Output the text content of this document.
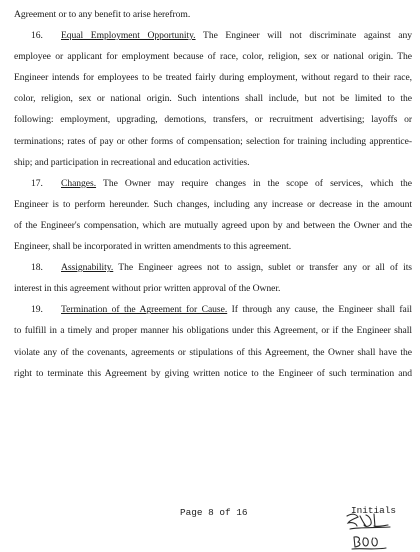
Agreement or to any benefit to arise herefrom.
16. Equal Employment Opportunity. The Engineer will not discriminate against any
employee or applicant for employment because of race, color, religion, sex or national origin. The
Engineer intends for employees to be treated fairly during employment, without regard to their race,
color, religion, sex or national origin. Such intentions shall include, but not be limited to the
following: employment, upgrading, demotions, transfers, or recruitment advertising; layoffs or
terminations; rates of pay or other forms of compensation; selection for training including apprentice-
ship; and participation in recreational and education activities.
17. Changes. The Owner may require changes in the scope of services, which the
Engineer is to perform hereunder. Such changes, including any increase or decrease in the amount
of the Engineer's compensation, which are mutually agreed upon by and between the Owner and the
Engineer, shall be incorporated in written amendments to this agreement.
18. Assignability. The Engineer agrees not to assign, sublet or transfer any or all of its
interest in this agreement without prior written approval of the Owner.
19. Termination of the Agreement for Cause. If through any cause, the Engineer shall fail
to fulfill in a timely and proper manner his obligations under this Agreement, or if the Engineer shall
violate any of the covenants, agreements or stipulations of this Agreement, the Owner shall have the
right to terminate this Agreement by giving written notice to the Engineer of such termination and
Page 8 of 16	Initials
